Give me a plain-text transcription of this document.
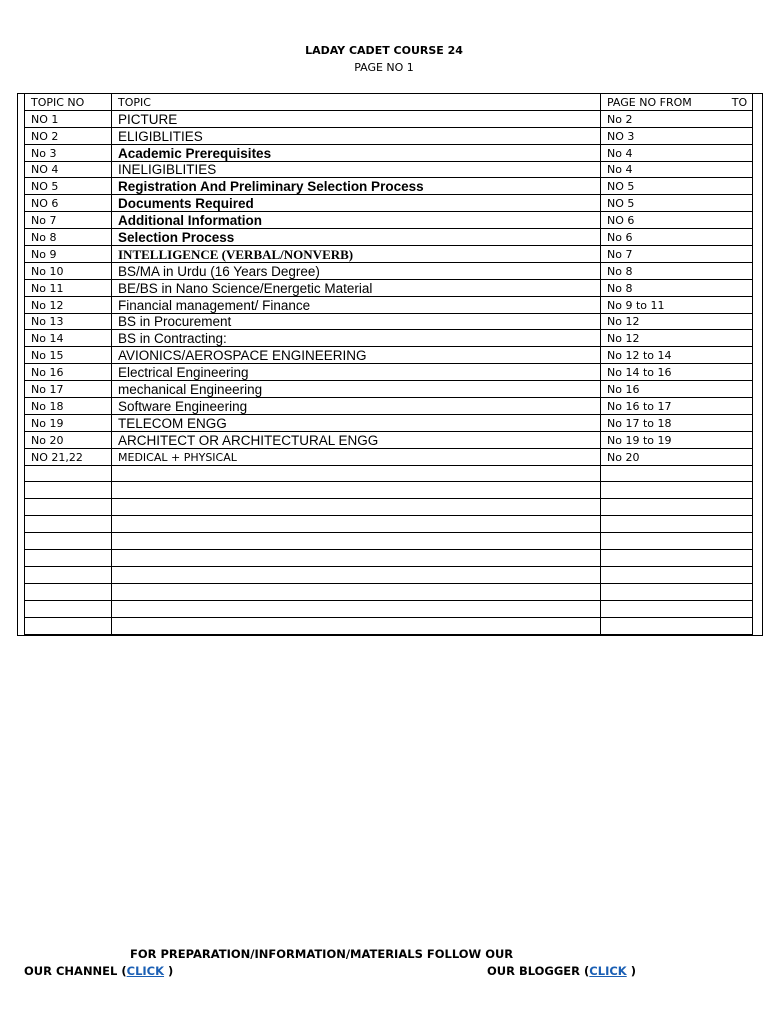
LADAY CADET COURSE 24
PAGE NO 1
TOPIC NO	TOPIC	PAGE NO FROM TO
NO 1	PICTURE	No 2
NO 2	ELIGIBLITIES	NO 3
No 3	Academic Prerequisites	No 4
NO 4	INELIGIBLITIES	No 4
NO 5	Registration And Preliminary Selection Process	NO 5
NO 6	Documents Required	NO 5
No 7	Additional Information	NO 6
No 8	Selection Process	No 6
No 9	INTELLIGENCE (VERBAL/NONVERB)	No 7
No 10	BS/MA in Urdu (16 Years Degree)	No 8
No 11	BE/BS in Nano Science/Energetic Material	No 8
No 12	Financial management/ Finance	No 9 to 11
No 13	BS in Procurement	No 12
No 14	BS in Contracting:	No 12
No 15	AVIONICS/AEROSPACE ENGINEERING	No 12 to 14
No 16	Electrical Engineering	No 14 to 16
No 17	mechanical Engineering	No 16
No 18	Software Engineering	No 16 to 17
No 19	TELECOM ENGG	No 17 to 18
No 20	ARCHITECT OR ARCHITECTURAL ENGG	No 19 to 19
NO 21,22	MEDICAL + PHYSICAL	No 20

FOR PREPARATION/INFORMATION/MATERIALS FOLLOW OUR
OUR CHANNEL (CLICK )	OUR BLOGGER (CLICK )
